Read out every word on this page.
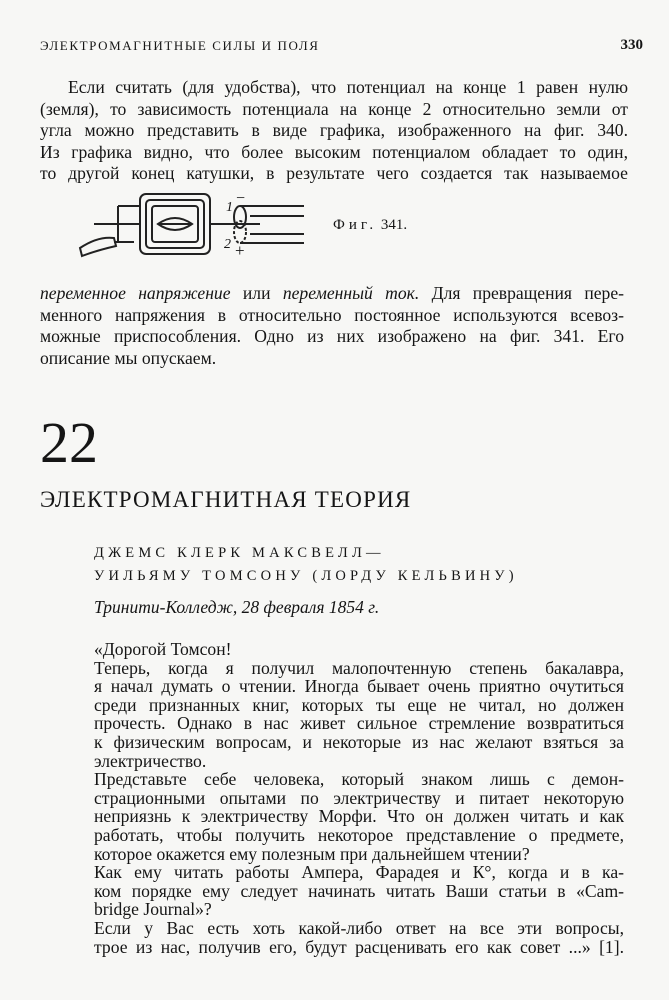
ЭЛЕКТРОМАГНИТНЫЕ СИЛЫ И ПОЛЯ	330
Если считать (для удобства), что потенциал на конце 1 равен нулю
(земля), то зависимость потенциала на конце 2 относительно земли от
угла можно представить в виде графика, изображенного на фиг. 340.
Из графика видно, что более высоким потенциалом обладает то один,
то другой конец катушки, в результате чего создается так называемое
1
2
−
+
Фиг. 341.
переменное напряжение или переменный ток. Для превращения пере-
менного напряжения в относительно постоянное используются всевоз-
можные приспособления. Одно из них изображено на фиг. 341. Его
описание мы опускаем.
22
ЭЛЕКТРОМАГНИТНАЯ ТЕОРИЯ
ДЖЕМС КЛЕРК МАКСВЕЛЛ—
УИЛЬЯМУ ТОМСОНУ (ЛОРДУ КЕЛЬВИНУ)
Тринити-Колледж, 28 февраля 1854 г.
«Дорогой Томсон!
Теперь, когда я получил малопочтенную степень бакалавра,
я начал думать о чтении. Иногда бывает очень приятно очутиться
среди признанных книг, которых ты еще не читал, но должен
прочесть. Однако в нас живет сильное стремление возвратиться
к физическим вопросам, и некоторые из нас желают взяться за
электричество.
Представьте себе человека, который знаком лишь с демон-
страционными опытами по электричеству и питает некоторую
неприязнь к электричеству Морфи. Что он должен читать и как
работать, чтобы получить некоторое представление о предмете,
которое окажется ему полезным при дальнейшем чтении?
Как ему читать работы Ампера, Фарадея и К°, когда и в ка-
ком порядке ему следует начинать читать Ваши статьи в «Cam-
bridge Journal»?
Если у Вас есть хоть какой-либо ответ на все эти вопросы,
трое из нас, получив его, будут расценивать его как совет ...» [1].
